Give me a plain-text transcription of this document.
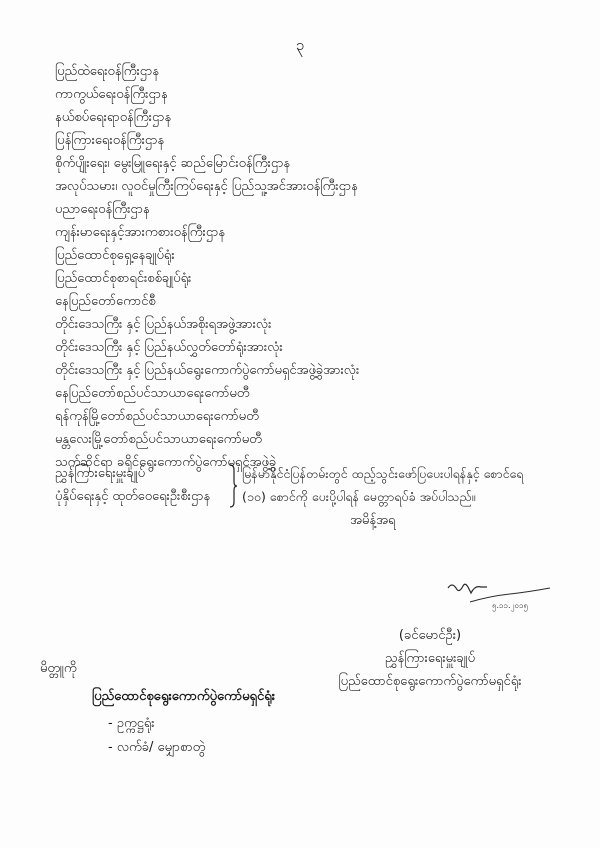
၃
ပြည်ထဲရေးဝန်ကြီးဌာန
ကာကွယ်ရေးဝန်ကြီးဌာန
နယ်စပ်ရေးရာဝန်ကြီးဌာန
ပြန်ကြားရေးဝန်ကြီးဌာန
စိုက်ပျိုးရေး၊ မွေးမြူရေးနှင့် ဆည်မြောင်းဝန်ကြီးဌာန
အလုပ်သမား၊ လူဝင်မှုကြီးကြပ်ရေးနှင့် ပြည်သူ့အင်အားဝန်ကြီးဌာန
ပညာရေးဝန်ကြီးဌာန
ကျန်းမာရေးနှင့်အားကစားဝန်ကြီးဌာန
ပြည်ထောင်စုရှေ့နေချုပ်ရုံး
ပြည်ထောင်စုစာရင်းစစ်ချုပ်ရုံး
နေပြည်တော်ကောင်စီ
တိုင်းဒေသကြီး နှင့် ပြည်နယ်အစိုးရအဖွဲ့အားလုံး
တိုင်းဒေသကြီး နှင့် ပြည်နယ်လွှတ်တော်ရုံးအားလုံး
တိုင်းဒေသကြီး နှင့် ပြည်နယ်ရွေးကောက်ပွဲကော်မရှင်အဖွဲ့ခွဲအားလုံး
နေပြည်တော်စည်ပင်သာယာရေးကော်မတီ
ရန်ကုန်မြို့တော်စည်ပင်သာယာရေးကော်မတီ
မန္တလေးမြို့တော်စည်ပင်သာယာရေးကော်မတီ
သက်ဆိုင်ရာ ခရိုင်ရွေးကောက်ပွဲကော်မရှင်အဖွဲ့ခွဲ
ညွှန်ကြားရေးမှူးချုပ်
ပုံနှိပ်ရေးနှင့် ထုတ်ဝေရေးဦးစီးဌာန
မြန်မာနိုင်ငံပြန်တမ်းတွင် ထည့်သွင်းဖော်ပြပေးပါရန်နှင့် စောင်ရေ
(၁၀) စောင်ကို ပေးပို့ပါရန် မေတ္တာရပ်ခံ အပ်ပါသည်။
အမိန့်အရ
၅.၁၁.၂၀၁၅
(ခင်မောင်ဦး)
ညွှန်ကြားရေးမှူးချုပ်
ပြည်ထောင်စုရွေးကောက်ပွဲကော်မရှင်ရုံး
မိတ္တူကို
ပြည်ထောင်စုရွေးကောက်ပွဲကော်မရှင်ရုံး
- ဥက္ကဋ္ဌရုံး
- လက်ခံ/ မျှောစာတွဲ
